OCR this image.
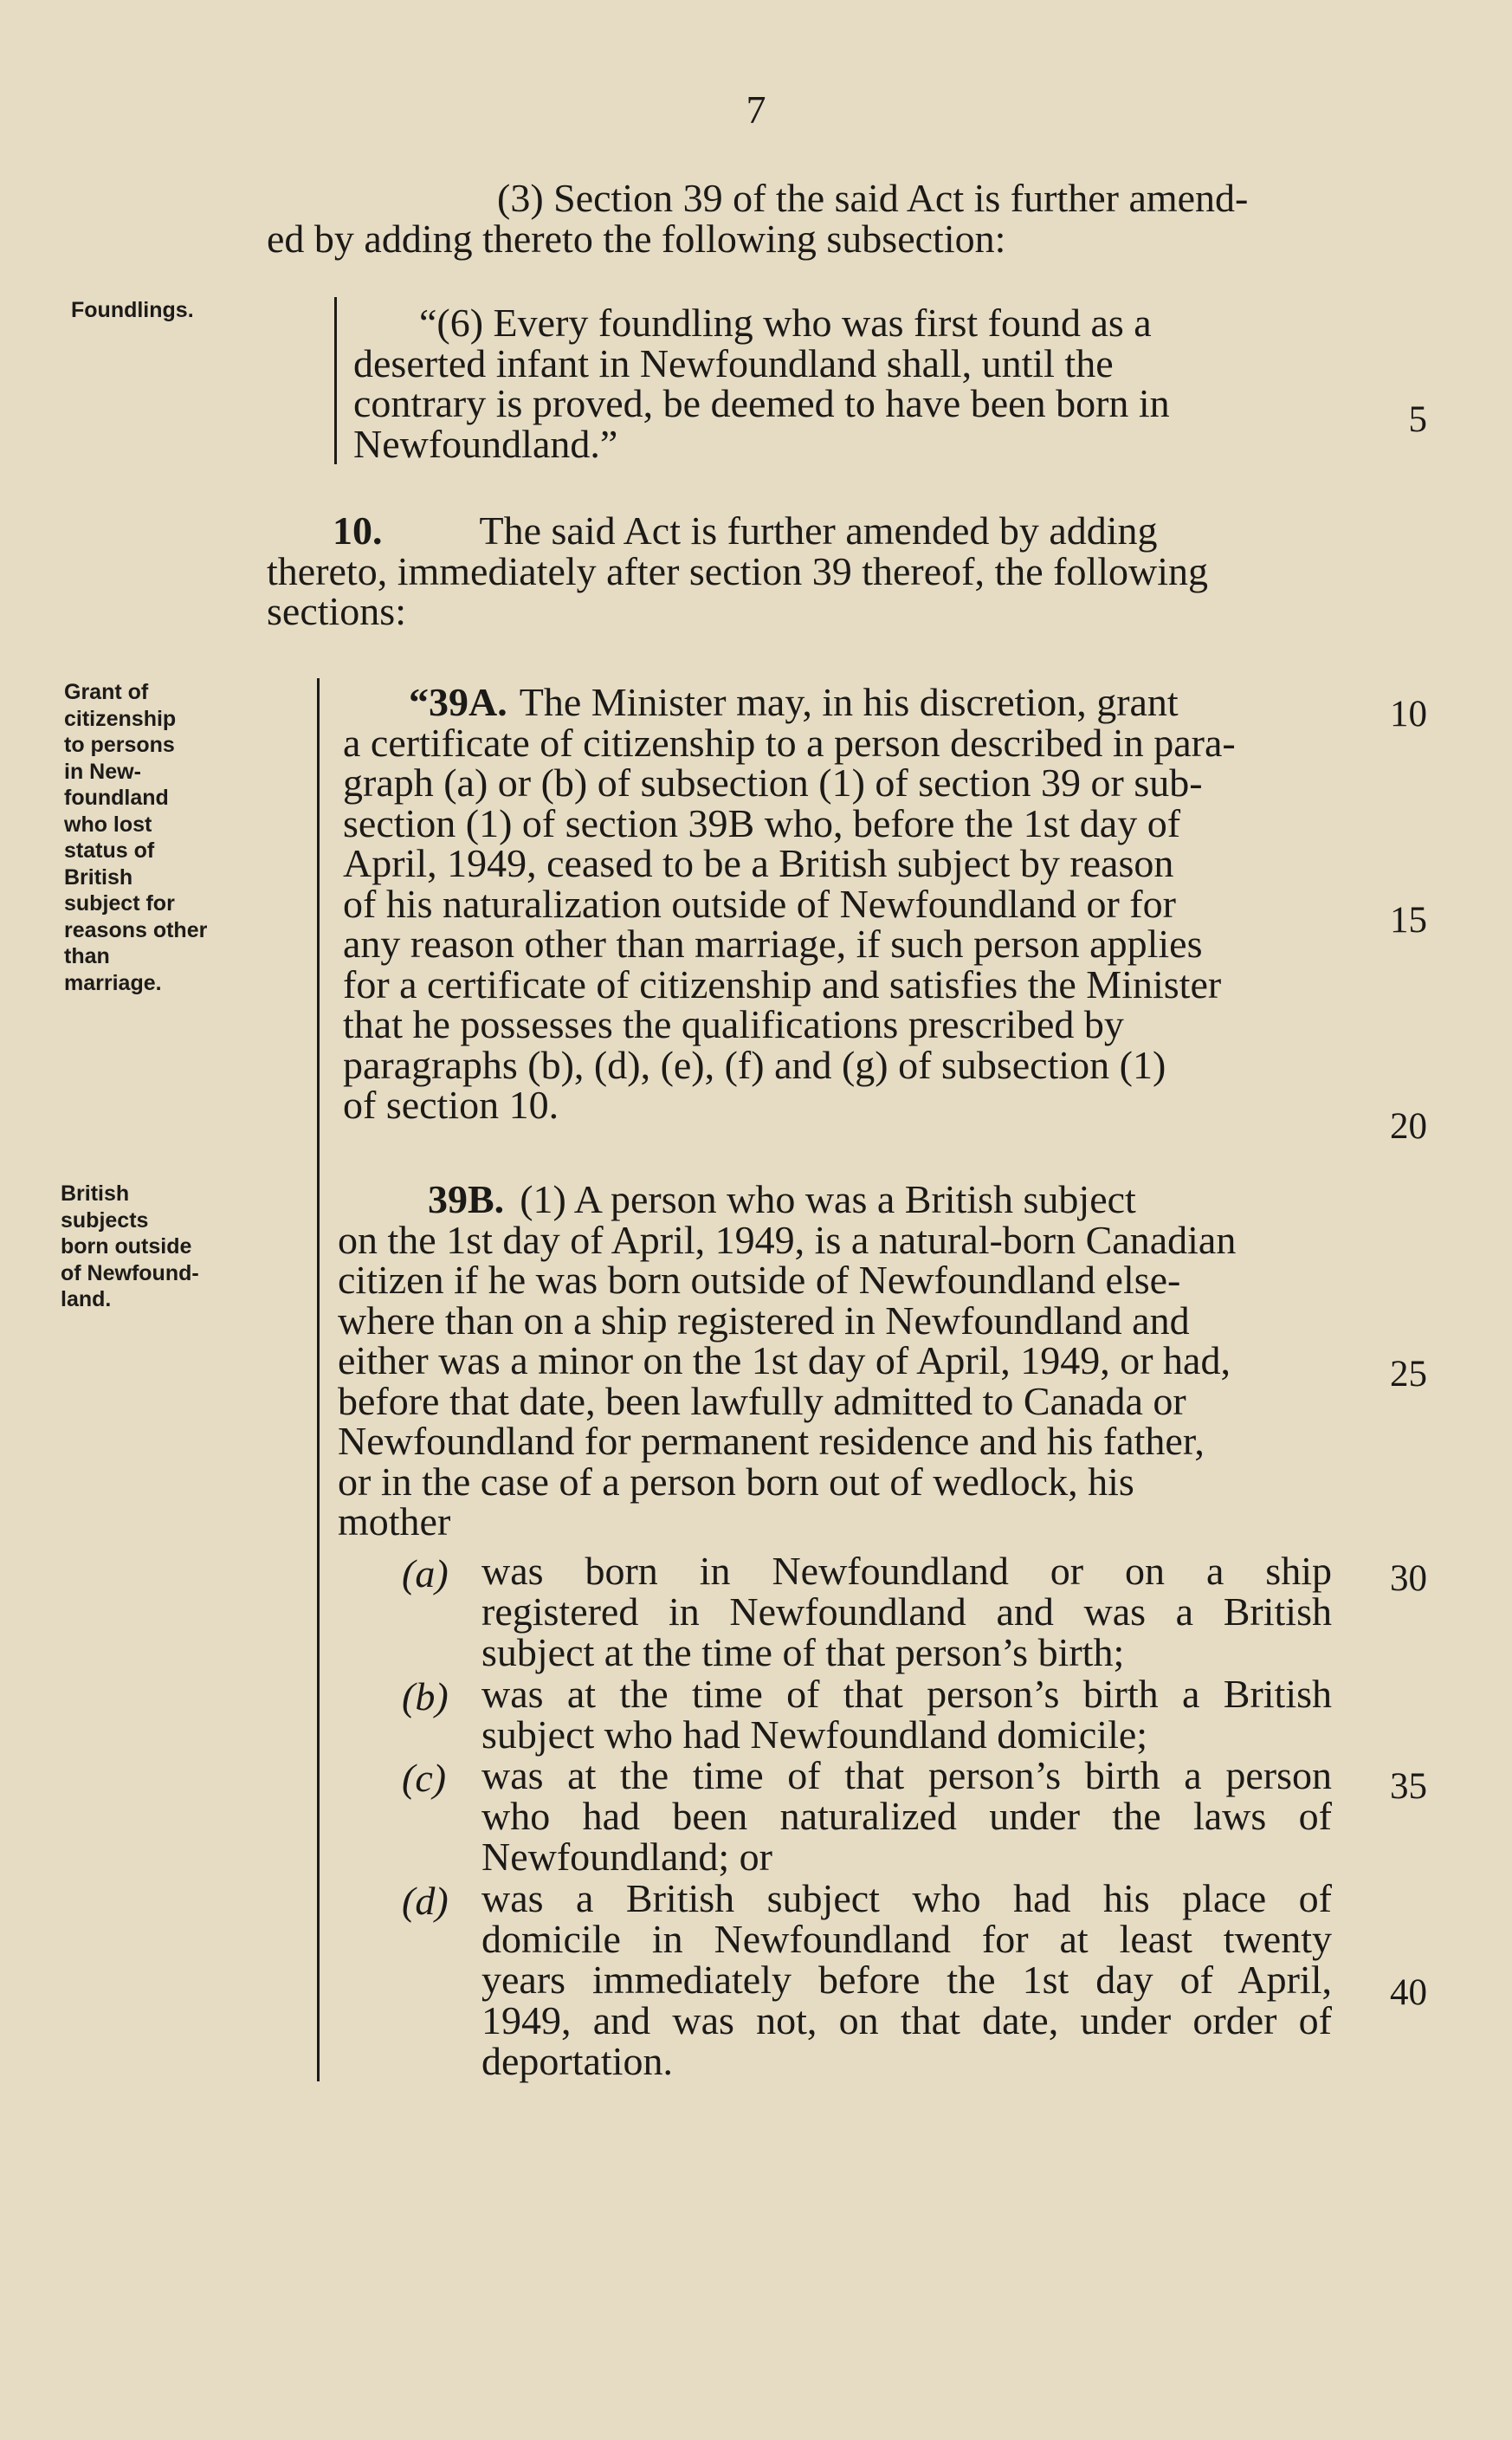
7

(3) Section 39 of the said Act is further amend-
ed by adding thereto the following subsection:

Foundlings.	“(6) Every foundling who was first found as a
deserted infant in Newfoundland shall, until the
contrary is proved, be deemed to have been born in
Newfoundland.”

5

10. The said Act is further amended by adding
thereto, immediately after section 39 thereof, the following
sections:

Grant of
citizenship
to persons
in New-
foundland
who lost
status of
British
subject for
reasons other
than
marriage.

“39A. The Minister may, in his discretion, grant
a certificate of citizenship to a person described in para-
graph (a) or (b) of subsection (1) of section 39 or sub-
section (1) of section 39B who, before the 1st day of
April, 1949, ceased to be a British subject by reason
of his naturalization outside of Newfoundland or for
any reason other than marriage, if such person applies
for a certificate of citizenship and satisfies the Minister
that he possesses the qualifications prescribed by
paragraphs (b), (d), (e), (f) and (g) of subsection (1)
of section 10.

10
15
20
British
subjects
born outside
of Newfound-
land.

39B. (1) A person who was a British subject
on the 1st day of April, 1949, is a natural-born Canadian
citizen if he was born outside of Newfoundland else-
where than on a ship registered in Newfoundland and
either was a minor on the 1st day of April, 1949, or had,
before that date, been lawfully admitted to Canada or
Newfoundland for permanent residence and his father,
or in the case of a person born out of wedlock, his
mother

25
(a) was born in Newfoundland or on a ship
registered in Newfoundland and was a British
subject at the time of that person’s birth;

30
(b) was at the time of that person’s birth a British
subject who had Newfoundland domicile;

(c) was at the time of that person’s birth a person
who had been naturalized under the laws of
Newfoundland; or

35
(d) was a British subject who had his place of
domicile in Newfoundland for at least twenty
years immediately before the 1st day of April,
1949, and was not, on that date, under order of
deportation.

40
